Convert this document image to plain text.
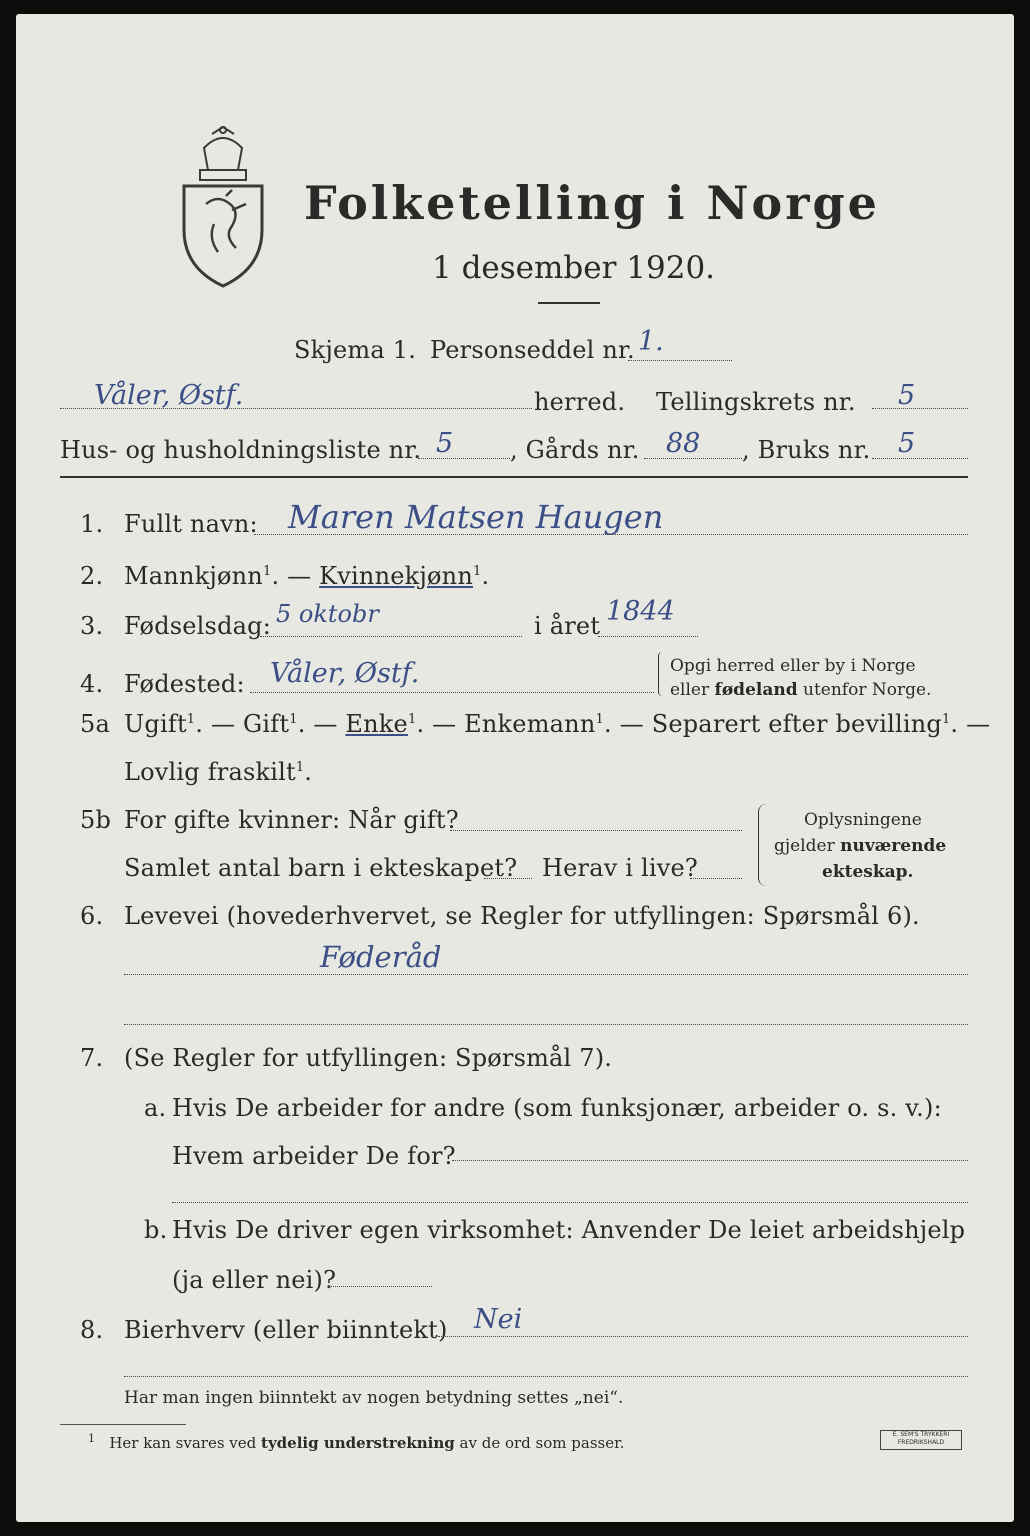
Folketelling i Norge
1 desember 1920.
Skjema 1. Personseddel nr. 1.
Våler, Østf.	herred. Tellingskrets nr. 5
Hus- og husholdningsliste nr. 5 , Gårds nr. 88 , Bruks nr. 5
1. Fullt navn: Maren Matsen Haugen
2. Mannkjønn$^1$. — Kvinnekjønn$^1$.
3. Fødselsdag: 5 oktobr	i året 1844
4. Fødested: Våler, Østf.	Opgi herred eller by i Norge
eller fødeland utenfor Norge.
5a Ugift$^1$. — Gift$^1$. — Enke$^1$. — Enkemann$^1$. — Separert efter bevilling$^1$. —
Lovlig fraskilt$^1$.
5b For gifte kvinner: Når gift?
Samlet antal barn i ekteskapet? Herav i live?
Oplysningene
gjelder nuværende
ekteskap.
6. Levevei (hovederhvervet, se Regler for utfyllingen: Spørsmål 6).
Føderåd
7. (Se Regler for utfyllingen: Spørsmål 7).
a. Hvis De arbeider for andre (som funksjonær, arbeider o. s. v.):
Hvem arbeider De for?
b. Hvis De driver egen virksomhet: Anvender De leiet arbeidshjelp
(ja eller nei)?
8. Bierhverv (eller biinntekt) Nei
Har man ingen biinntekt av nogen betydning settes „nei“.
$^1$ Her kan svares ved tydelig understrekning av de ord som passer.	E. SEM'S TRYKKERI
FREDRIKSHALD
